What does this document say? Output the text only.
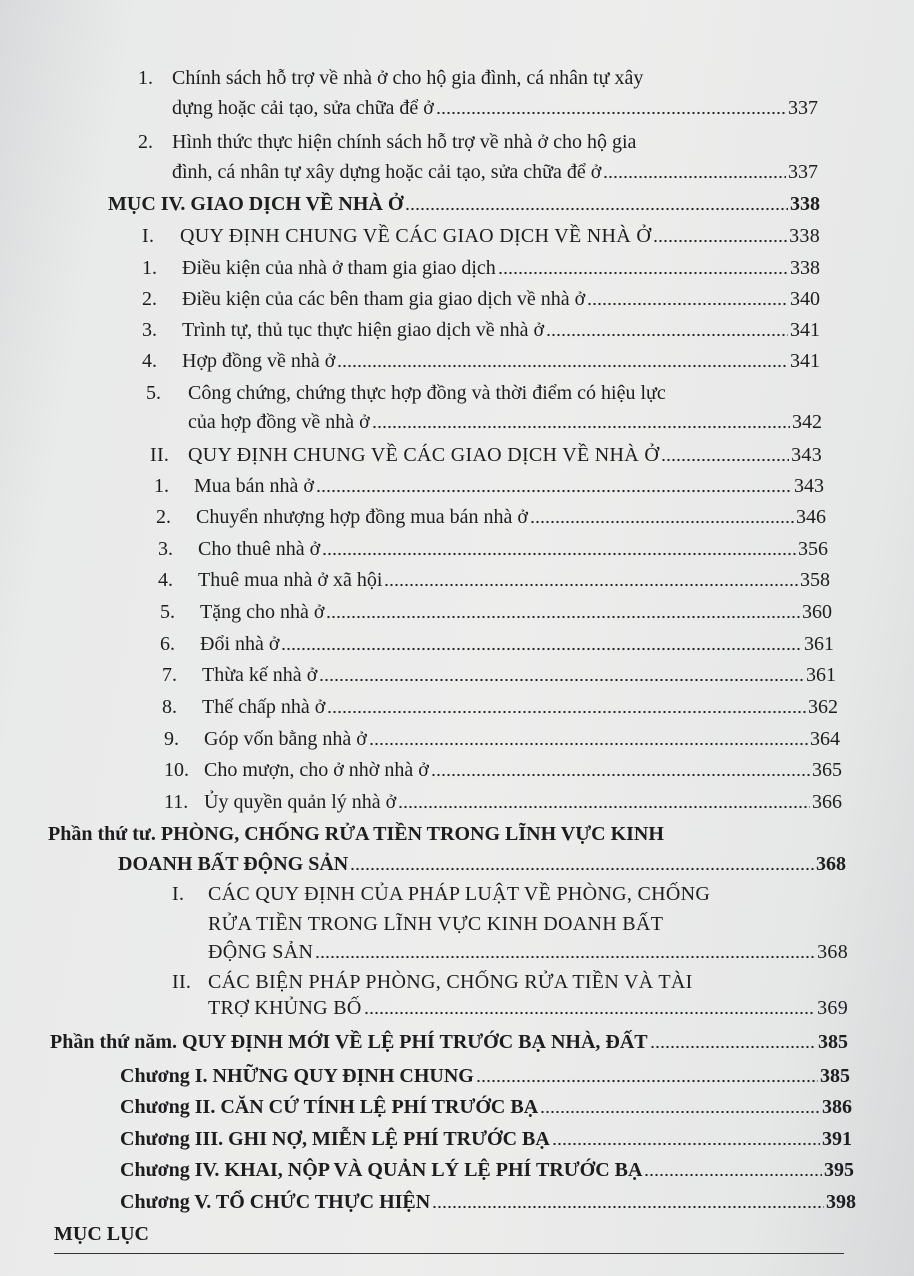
1. Chính sách hỗ trợ về nhà ở cho hộ gia đình, cá nhân tự xây
dựng hoặc cải tạo, sửa chữa để ở	337
2. Hình thức thực hiện chính sách hỗ trợ về nhà ở cho hộ gia
đình, cá nhân tự xây dựng hoặc cải tạo, sửa chữa để ở	337
MỤC IV. GIAO DỊCH VỀ NHÀ Ở	338
I.	QUY ĐỊNH CHUNG VỀ CÁC GIAO DỊCH VỀ NHÀ Ở	338
1.	Điều kiện của nhà ở tham gia giao dịch	338
2.	Điều kiện của các bên tham gia giao dịch về nhà ở	340
3.	Trình tự, thủ tục thực hiện giao dịch về nhà ở	341
4.	Hợp đồng về nhà ở	341
5.	Công chứng, chứng thực hợp đồng và thời điểm có hiệu lực
của hợp đồng về nhà ở	342
II. QUY ĐỊNH CHUNG VỀ CÁC GIAO DỊCH VỀ NHÀ Ở	343
1.	Mua bán nhà ở	343
2.	Chuyển nhượng hợp đồng mua bán nhà ở	346
3.	Cho thuê nhà ở	356
4.	Thuê mua nhà ở xã hội	358
5.	Tặng cho nhà ở	360
6.	Đổi nhà ở	361
7.	Thừa kế nhà ở	361
8.	Thế chấp nhà ở	362
9.	Góp vốn bằng nhà ở	364
10. Cho mượn, cho ở nhờ nhà ở	365
11. Ủy quyền quản lý nhà ở	366
Phần thứ tư. PHÒNG, CHỐNG RỬA TIỀN TRONG LĨNH VỰC KINH
DOANH BẤT ĐỘNG SẢN	368
I.	CÁC QUY ĐỊNH CỦA PHÁP LUẬT VỀ PHÒNG, CHỐNG
RỬA TIỀN TRONG LĨNH VỰC KINH DOANH BẤT
ĐỘNG SẢN	368
II. CÁC BIỆN PHÁP PHÒNG, CHỐNG RỬA TIỀN VÀ TÀI
TRỢ KHỦNG BỐ	369
Phần thứ năm. QUY ĐỊNH MỚI VỀ LỆ PHÍ TRƯỚC BẠ NHÀ, ĐẤT	385
Chương I. NHỮNG QUY ĐỊNH CHUNG	385
Chương II. CĂN CỨ TÍNH LỆ PHÍ TRƯỚC BẠ	386
Chương III. GHI NỢ, MIỄN LỆ PHÍ TRƯỚC BẠ	391
Chương IV. KHAI, NỘP VÀ QUẢN LÝ LỆ PHÍ TRƯỚC BẠ	395
Chương V. TỔ CHỨC THỰC HIỆN	398
MỤC LỤC
